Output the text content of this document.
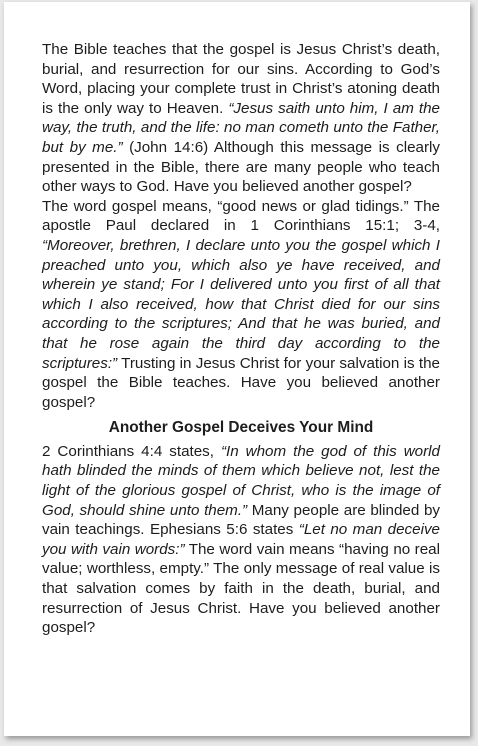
The Bible teaches that the gospel is Jesus Christ’s death, burial, and resurrection for our sins. According to God’s Word, placing your complete trust in Christ’s atoning death is the only way to Heaven. “Jesus saith unto him, I am the way, the truth, and the life: no man cometh unto the Father, but by me.” (John 14:6) Although this message is clearly presented in the Bible, there are many people who teach other ways to God. Have you believed another gospel?

The word gospel means, “good news or glad tidings.” The apostle Paul declared in 1 Corinthians 15:1; 3-4, “Moreover, brethren, I declare unto you the gospel which I preached unto you, which also ye have received, and wherein ye stand; For I delivered unto you first of all that which I also received, how that Christ died for our sins according to the scriptures; And that he was buried, and that he rose again the third day according to the scriptures:” Trusting in Jesus Christ for your salvation is the gospel the Bible teaches. Have you believed another gospel?

Another Gospel Deceives Your Mind

2 Corinthians 4:4 states, “In whom the god of this world hath blinded the minds of them which believe not, lest the light of the glorious gospel of Christ, who is the image of God, should shine unto them.” Many people are blinded by vain teachings. Ephesians 5:6 states “Let no man deceive you with vain words:” The word vain means “having no real value; worthless, empty.” The only message of real value is that salvation comes by faith in the death, burial, and resurrection of Jesus Christ. Have you believed another gospel?
